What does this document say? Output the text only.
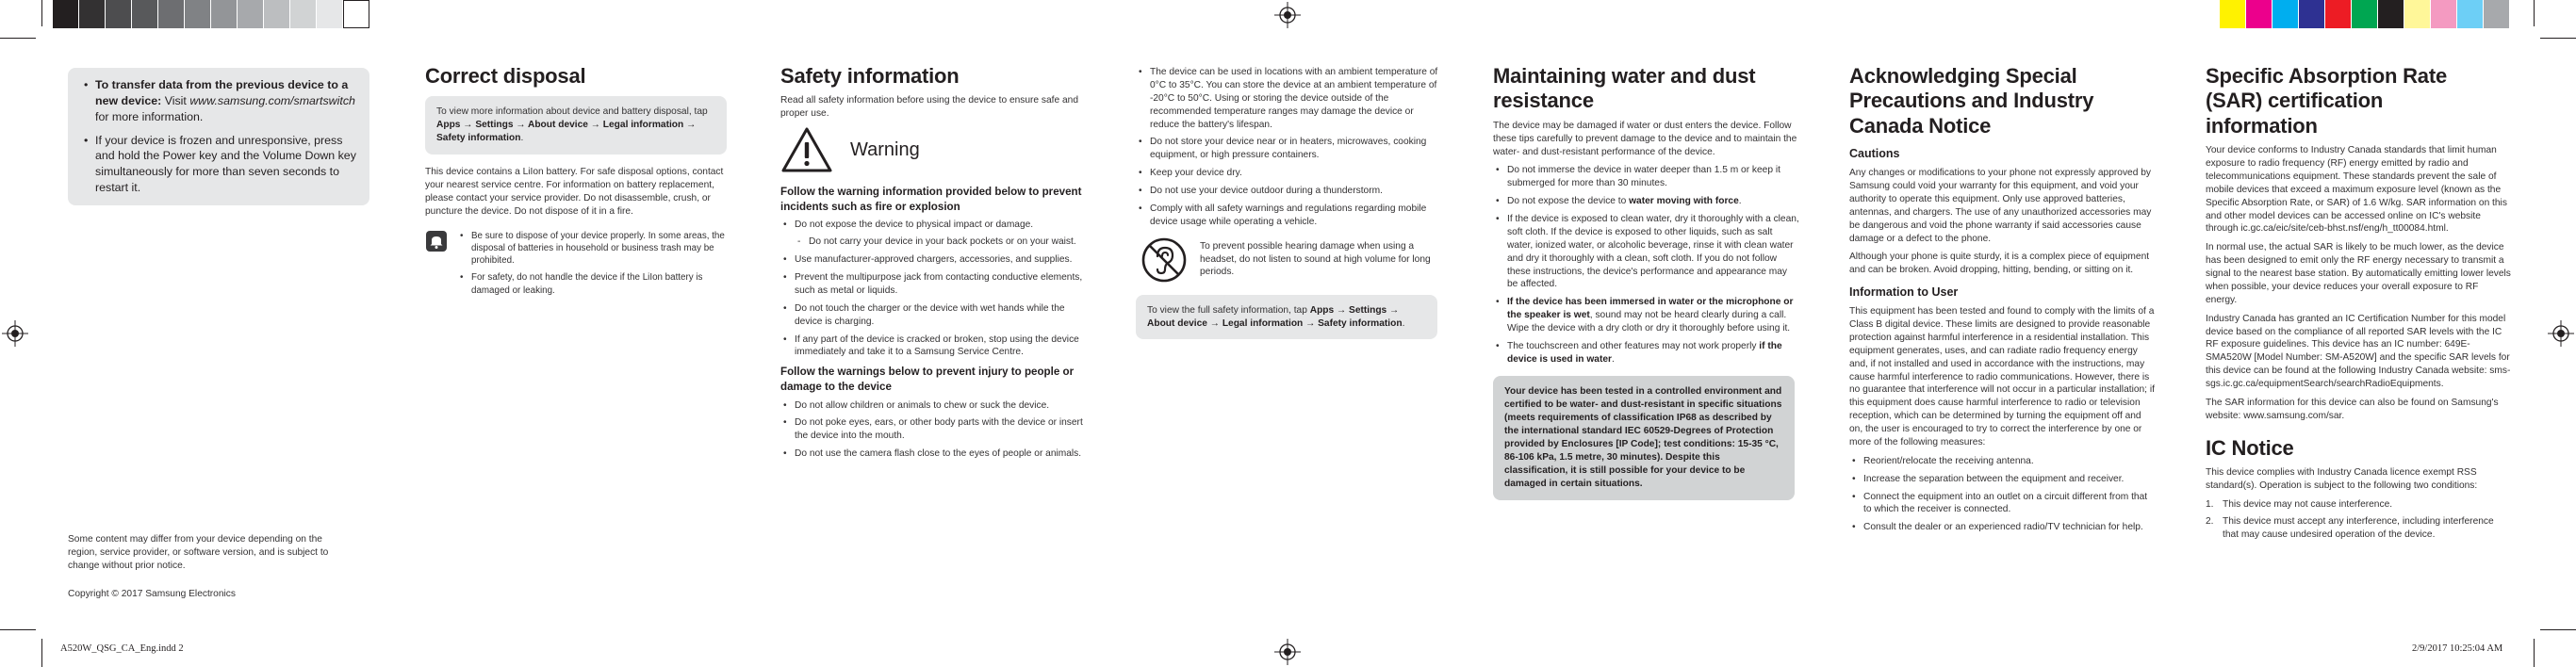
A520W_QSG_CA_Eng.indd 2	2/9/2017 10:25:04 AM
• To transfer data from the previous device to a new device: Visit www.samsung.com/smartswitch for more information.
• If your device is frozen and unresponsive, press and hold the Power key and the Volume Down key simultaneously for more than seven seconds to restart it.
Some content may differ from your device depending on the region, service provider, or software version, and is subject to change without prior notice.
Copyright © 2017 Samsung Electronics
Correct disposal
To view more information about device and battery disposal, tap Apps → Settings → About device → Legal information → Safety information.

This device contains a LiIon battery. For safe disposal options, contact your nearest service centre. For information on battery replacement, please contact your service provider. Do not disassemble, crush, or puncture the device. Do not dispose of it in a fire.

• Be sure to dispose of your device properly. In some areas, the disposal of batteries in household or business trash may be prohibited.
• For safety, do not handle the device if the LiIon battery is damaged or leaking.
Safety information

Read all safety information before using the device to ensure safe and proper use.

Warning
Follow the warning information provided below to prevent incidents such as fire or explosion
• Do not expose the device to physical impact or damage.
- Do not carry your device in your back pockets or on your waist.
• Use manufacturer-approved chargers, accessories, and supplies.
• Prevent the multipurpose jack from contacting conductive elements, such as metal or liquids.
• Do not touch the charger or the device with wet hands while the device is charging.
• If any part of the device is cracked or broken, stop using the device immediately and take it to a Samsung Service Centre.
Follow the warnings below to prevent injury to people or damage to the device
• Do not allow children or animals to chew or suck the device.
• Do not poke eyes, ears, or other body parts with the device or insert the device into the mouth.
• Do not use the camera flash close to the eyes of people or animals.
• The device can be used in locations with an ambient temperature of 0°C to 35°C. You can store the device at an ambient temperature of -20°C to 50°C. Using or storing the device outside of the recommended temperature ranges may damage the device or reduce the battery's lifespan.
• Do not store your device near or in heaters, microwaves, cooking equipment, or high pressure containers.
• Keep your device dry.
• Do not use your device outdoor during a thunderstorm.
• Comply with all safety warnings and regulations regarding mobile device usage while operating a vehicle.
To prevent possible hearing damage when using a headset, do not listen to sound at high volume for long periods.
To view the full safety information, tap Apps → Settings → About device → Legal information → Safety information.
Maintaining water and dust resistance

The device may be damaged if water or dust enters the device. Follow these tips carefully to prevent damage to the device and to maintain the water- and dust-resistant performance of the device.

• Do not immerse the device in water deeper than 1.5 m or keep it submerged for more than 30 minutes.
• Do not expose the device to water moving with force.
• If the device is exposed to clean water, dry it thoroughly with a clean, soft cloth. If the device is exposed to other liquids, such as salt water, ionized water, or alcoholic beverage, rinse it with clean water and dry it thoroughly with a clean, soft cloth. If you do not follow these instructions, the device's performance and appearance may be affected.
• If the device has been immersed in water or the microphone or the speaker is wet, sound may not be heard clearly during a call. Wipe the device with a dry cloth or dry it thoroughly before using it.
• The touchscreen and other features may not work properly if the device is used in water.
Your device has been tested in a controlled environment and certified to be water- and dust-resistant in specific situations (meets requirements of classification IP68 as described by the international standard IEC 60529-Degrees of Protection provided by Enclosures [IP Code]; test conditions: 15-35 °C, 86-106 kPa, 1.5 metre, 30 minutes). Despite this classification, it is still possible for your device to be damaged in certain situations.
Acknowledging Special Precautions and Industry Canada Notice
Cautions

Any changes or modifications to your phone not expressly approved by Samsung could void your warranty for this equipment, and void your authority to operate this equipment. Only use approved batteries, antennas, and chargers. The use of any unauthorized accessories may be dangerous and void the phone warranty if said accessories cause damage or a defect to the phone.

Although your phone is quite sturdy, it is a complex piece of equipment and can be broken. Avoid dropping, hitting, bending, or sitting on it.

Information to User

This equipment has been tested and found to comply with the limits of a Class B digital device. These limits are designed to provide reasonable protection against harmful interference in a residential installation. This equipment generates, uses, and can radiate radio frequency energy and, if not installed and used in accordance with the instructions, may cause harmful interference to radio communications. However, there is no guarantee that interference will not occur in a particular installation; if this equipment does cause harmful interference to radio or television reception, which can be determined by turning the equipment off and on, the user is encouraged to try to correct the interference by one or more of the following measures:

• Reorient/relocate the receiving antenna.
• Increase the separation between the equipment and receiver.
• Connect the equipment into an outlet on a circuit different from that to which the receiver is connected.
• Consult the dealer or an experienced radio/TV technician for help.
Specific Absorption Rate (SAR) certification information

Your device conforms to Industry Canada standards that limit human exposure to radio frequency (RF) energy emitted by radio and telecommunications equipment. These standards prevent the sale of mobile devices that exceed a maximum exposure level (known as the Specific Absorption Rate, or SAR) of 1.6 W/kg. SAR information on this and other model devices can be accessed online on IC's website through ic.gc.ca/eic/site/ceb-bhst.nsf/eng/h_tt00084.html.

In normal use, the actual SAR is likely to be much lower, as the device has been designed to emit only the RF energy necessary to transmit a signal to the nearest base station. By automatically emitting lower levels when possible, your device reduces your overall exposure to RF energy.

Industry Canada has granted an IC Certification Number for this model device based on the compliance of all reported SAR levels with the IC RF exposure guidelines. This device has an IC number: 649E-SMA520W [Model Number: SM-A520W] and the specific SAR levels for this device can be found at the following Industry Canada website: sms-sgs.ic.gc.ca/equipmentSearch/searchRadioEquipments.

The SAR information for this device can also be found on Samsung's website: www.samsung.com/sar.

IC Notice

This device complies with Industry Canada licence exempt RSS standard(s). Operation is subject to the following two conditions:

1. This device may not cause interference.
2. This device must accept any interference, including interference that may cause undesired operation of the device.
